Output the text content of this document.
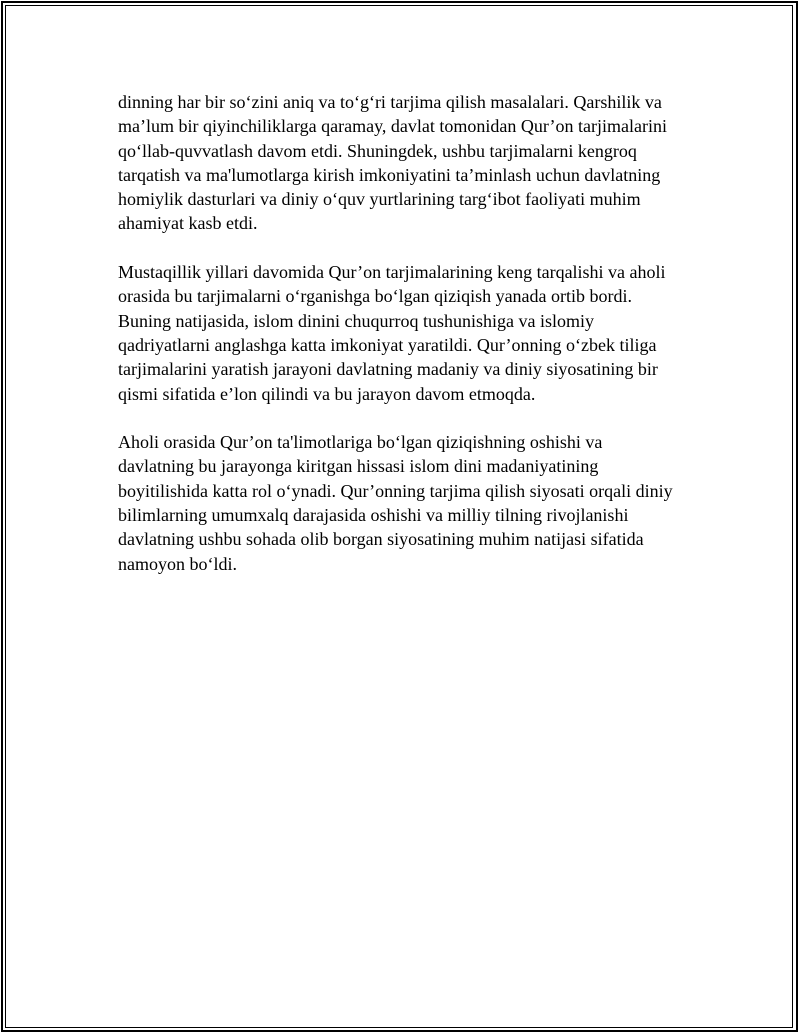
dinning har bir so‘zini aniq va to‘g‘ri tarjima qilish masalalari. Qarshilik va
ma’lum bir qiyinchiliklarga qaramay, davlat tomonidan Qur’on tarjimalarini
qo‘llab-quvvatlash davom etdi. Shuningdek, ushbu tarjimalarni kengroq
tarqatish va ma'lumotlarga kirish imkoniyatini ta’minlash uchun davlatning
homiylik dasturlari va diniy o‘quv yurtlarining targ‘ibot faoliyati muhim
ahamiyat kasb etdi.

Mustaqillik yillari davomida Qur’on tarjimalarining keng tarqalishi va aholi
orasida bu tarjimalarni o‘rganishga bo‘lgan qiziqish yanada ortib bordi.
Buning natijasida, islom dinini chuqurroq tushunishiga va islomiy
qadriyatlarni anglashga katta imkoniyat yaratildi. Qur’onning o‘zbek tiliga
tarjimalarini yaratish jarayoni davlatning madaniy va diniy siyosatining bir
qismi sifatida e’lon qilindi va bu jarayon davom etmoqda.

Aholi orasida Qur’on ta'limotlariga bo‘lgan qiziqishning oshishi va
davlatning bu jarayonga kiritgan hissasi islom dini madaniyatining
boyitilishida katta rol o‘ynadi. Qur’onning tarjima qilish siyosati orqali diniy
bilimlarning umumxalq darajasida oshishi va milliy tilning rivojlanishi
davlatning ushbu sohada olib borgan siyosatining muhim natijasi sifatida
namoyon bo‘ldi.
